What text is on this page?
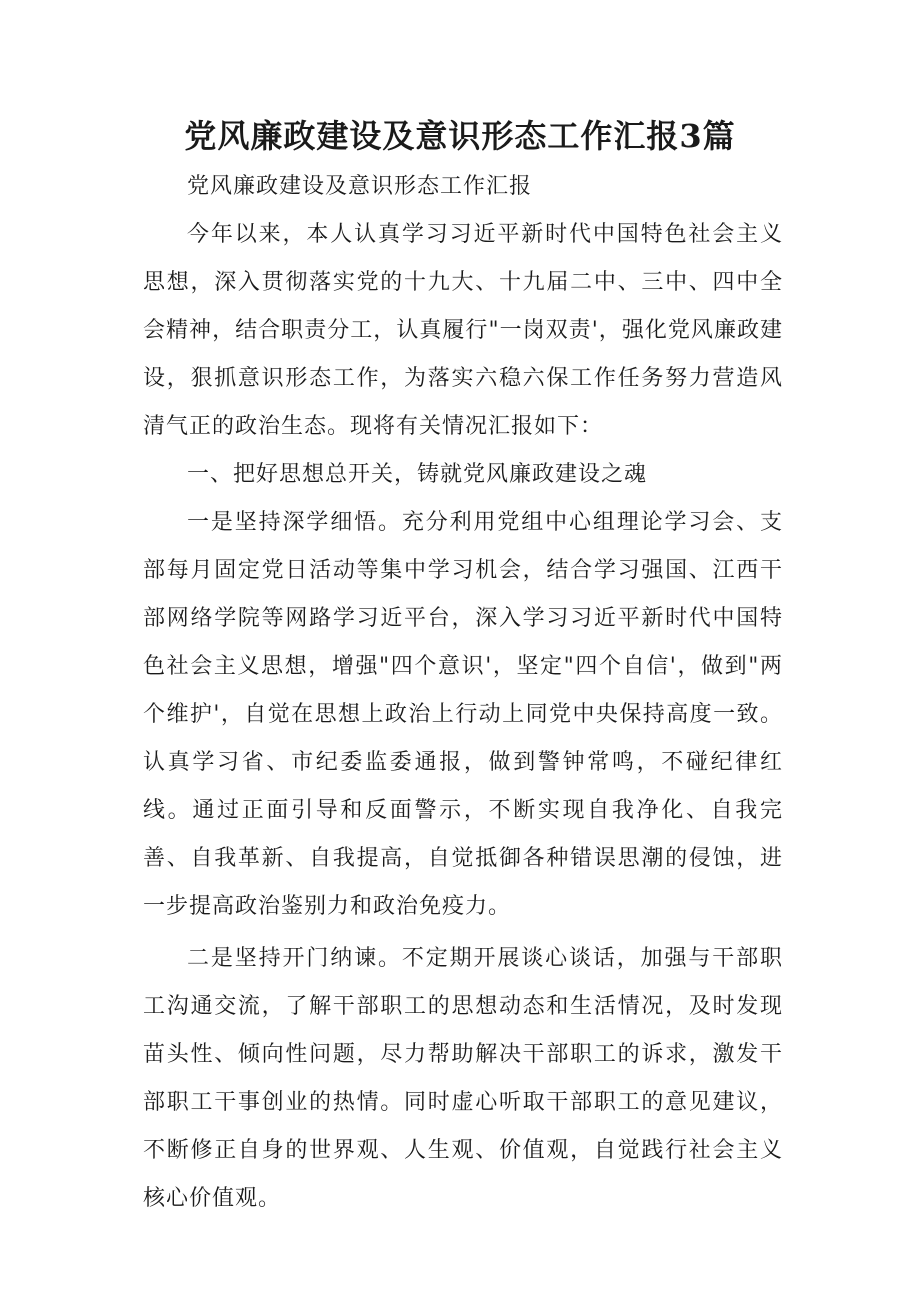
党风廉政建设及意识形态工作汇报3篇

党风廉政建设及意识形态工作汇报

今年以来，本人认真学习习近平新时代中国特色社会主义思想，深入贯彻落实党的十九大、十九届二中、三中、四中全会精神，结合职责分工，认真履行"一岗双责'，强化党风廉政建设，狠抓意识形态工作，为落实六稳六保工作任务努力营造风清气正的政治生态。现将有关情况汇报如下：

一、把好思想总开关，铸就党风廉政建设之魂

一是坚持深学细悟。充分利用党组中心组理论学习会、支部每月固定党日活动等集中学习机会，结合学习强国、江西干部网络学院等网路学习近平台，深入学习习近平新时代中国特色社会主义思想，增强"四个意识'，坚定"四个自信'，做到"两个维护'，自觉在思想上政治上行动上同党中央保持高度一致。认真学习省、市纪委监委通报，做到警钟常鸣，不碰纪律红线。通过正面引导和反面警示，不断实现自我净化、自我完善、自我革新、自我提高，自觉抵御各种错误思潮的侵蚀，进一步提高政治鉴别力和政治免疫力。

二是坚持开门纳谏。不定期开展谈心谈话，加强与干部职工沟通交流，了解干部职工的思想动态和生活情况，及时发现苗头性、倾向性问题，尽力帮助解决干部职工的诉求，激发干部职工干事创业的热情。同时虚心听取干部职工的意见建议，不断修正自身的世界观、人生观、价值观，自觉践行社会主义核心价值观。
